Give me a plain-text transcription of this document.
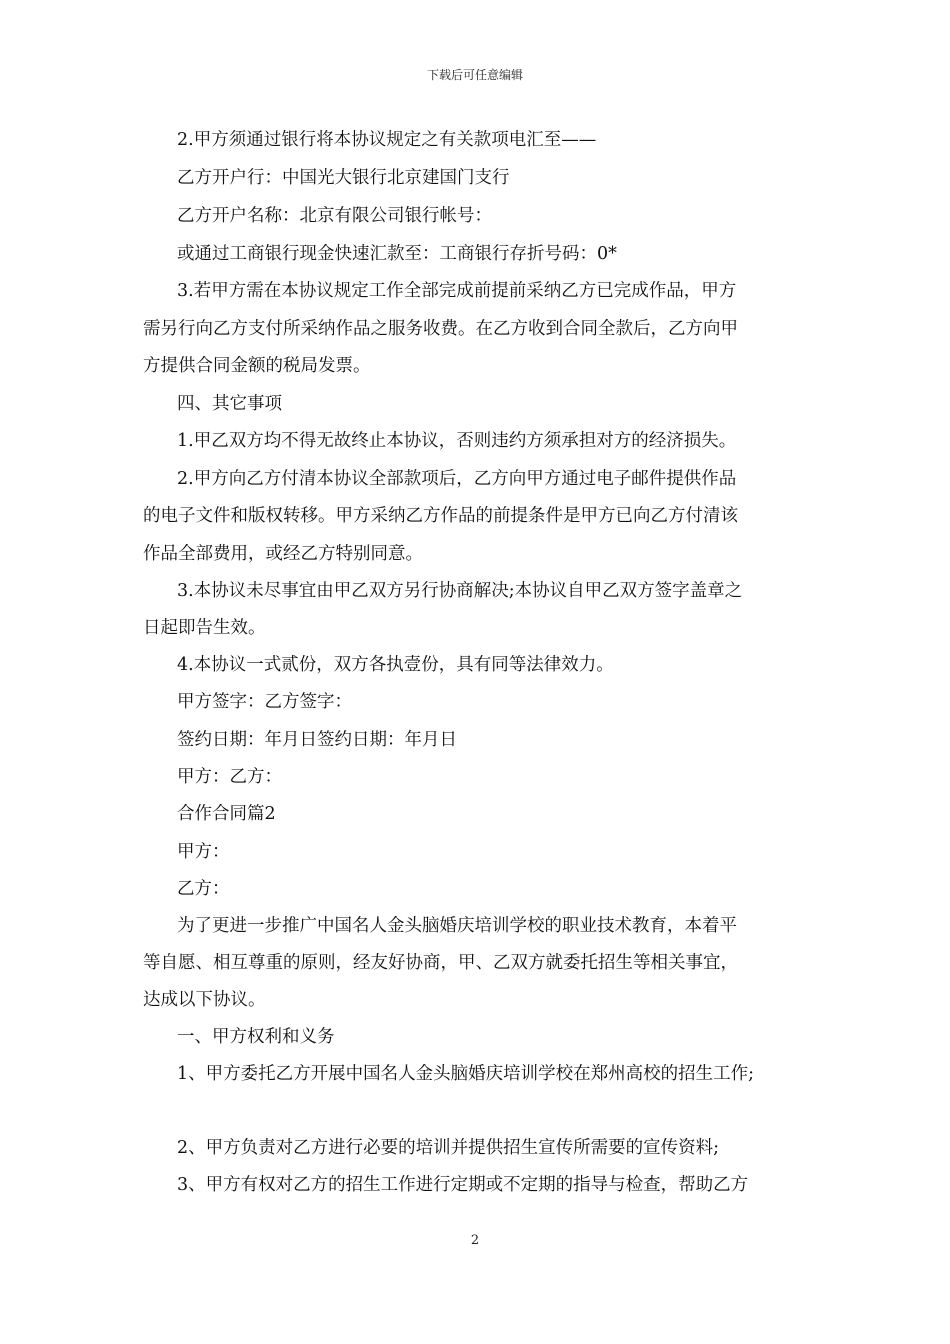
下载后可任意编辑
2.甲方须通过银行将本协议规定之有关款项电汇至——
乙方开户行：中国光大银行北京建国门支行
乙方开户名称：北京有限公司银行帐号：
或通过工商银行现金快速汇款至：工商银行存折号码：0*
3.若甲方需在本协议规定工作全部完成前提前采纳乙方已完成作品，甲方
需另行向乙方支付所采纳作品之服务收费。在乙方收到合同全款后，乙方向甲
方提供合同金额的税局发票。
四、其它事项
1.甲乙双方均不得无故终止本协议，否则违约方须承担对方的经济损失。
2.甲方向乙方付清本协议全部款项后，乙方向甲方通过电子邮件提供作品
的电子文件和版权转移。甲方采纳乙方作品的前提条件是甲方已向乙方付清该
作品全部费用，或经乙方特别同意。
3.本协议未尽事宜由甲乙双方另行协商解决;本协议自甲乙双方签字盖章之
日起即告生效。
4.本协议一式贰份，双方各执壹份，具有同等法律效力。
甲方签字：乙方签字：
签约日期：年月日签约日期：年月日
甲方：乙方：
合作合同篇2
甲方：
乙方：
为了更进一步推广中国名人金头脑婚庆培训学校的职业技术教育，本着平
等自愿、相互尊重的原则，经友好协商，甲、乙双方就委托招生等相关事宜，
达成以下协议。
一、甲方权利和义务
1、甲方委托乙方开展中国名人金头脑婚庆培训学校在郑州高校的招生工作;
2、甲方负责对乙方进行必要的培训并提供招生宣传所需要的宣传资料;
3、甲方有权对乙方的招生工作进行定期或不定期的指导与检查，帮助乙方
2
